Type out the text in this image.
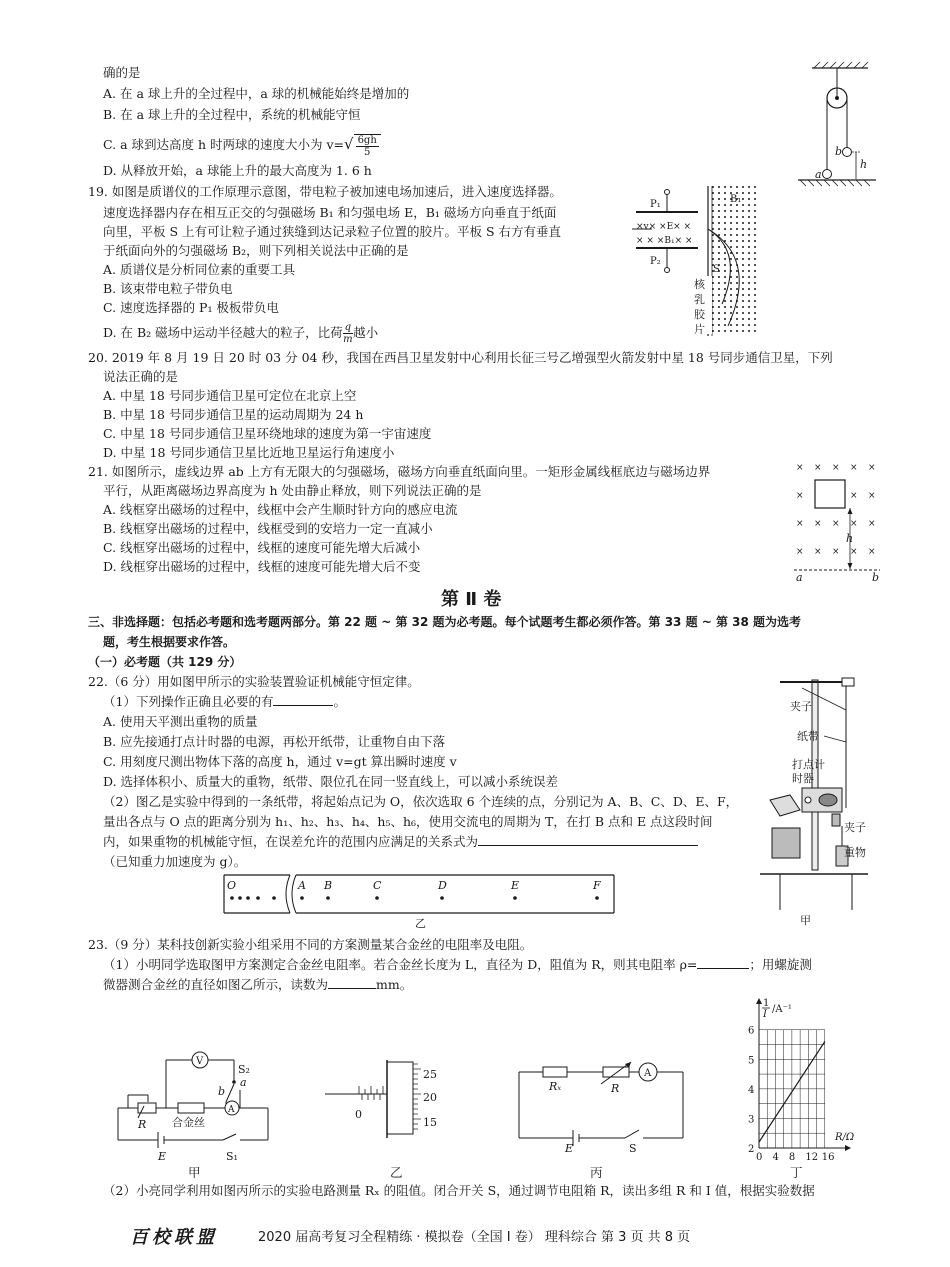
确的是
A. 在 a 球上升的全过程中，a 球的机械能始终是增加的
B. 在 a 球上升的全过程中，系统的机械能守恒
C. a 球到达高度 h 时两球的速度大小为 $v=√ \frac{6gh}{5}$
D. 从释放开始，a 球能上升的最大高度为 1. 6 h
b
a
h
19. 如图是质谱仪的工作原理示意图，带电粒子被加速电场加速后，进入速度选择器。
速度选择器内存在相互正交的匀强磁场 B₁ 和匀强电场 E，B₁ 磁场方向垂直于纸面
向里，平板 S 上有可让粒子通过狭缝到达记录粒子位置的胶片。平板 S 右方有垂直
于纸面向外的匀强磁场 B₂，则下列相关说法中正确的是
A. 质谱仪是分析同位素的重要工具
B. 该束带电粒子带负电
C. 速度选择器的 P₁ 极板带负电
D. 在 B₂ 磁场中运动半径越大的粒子，比荷 $\frac{q}{m}$ 越小
P₁
P₂
×v× ×E× ×
× × ×B₁× ×
B₁
S
核
乳
胶
片
20. 2019 年 8 月 19 日 20 时 03 分 04 秒，我国在西昌卫星发射中心利用长征三号乙增强型火箭发射中星 18 号同步通信卫星，下列
说法正确的是
A. 中星 18 号同步通信卫星可定位在北京上空
B. 中星 18 号同步通信卫星的运动周期为 24 h
C. 中星 18 号同步通信卫星环绕地球的速度为第一宇宙速度
D. 中星 18 号同步通信卫星比近地卫星运行角速度小
21. 如图所示，虚线边界 ab 上方有无限大的匀强磁场，磁场方向垂直纸面向里。一矩形金属线框底边与磁场边界
平行，从距离磁场边界高度为 h 处由静止释放，则下列说法正确的是
A. 线框穿出磁场的过程中，线框中会产生顺时针方向的感应电流
B. 线框穿出磁场的过程中，线框受到的安培力一定一直减小
C. 线框穿出磁场的过程中，线框的速度可能先增大后减小
D. 线框穿出磁场的过程中，线框的速度可能先增大后不变
× × × × ×
×	× ×
× × × × ×
× × × × ×
h
a	b
第 Ⅱ 卷
三、非选择题：包括必考题和选考题两部分。第 22 题 ~ 第 32 题为必考题。每个试题考生都必须作答。第 33 题 ~ 第 38 题为选考
题，考生根据要求作答。
（一）必考题（共 129 分）
22.（6 分）用如图甲所示的实验装置验证机械能守恒定律。
（1）下列操作正确且必要的有	。
A. 使用天平测出重物的质量
B. 应先接通打点计时器的电源，再松开纸带，让重物自由下落
C. 用刻度尺测出物体下落的高度 h，通过 v=gt 算出瞬时速度 v
D. 选择体积小、质量大的重物，纸带、限位孔在同一竖直线上，可以减小系统误差
（2）图乙是实验中得到的一条纸带，将起始点记为 O，依次选取 6 个连续的点，分别记为 A、B、C、D、E、F，
量出各点与 O 点的距离分别为 h₁、h₂、h₃、h₄、h₅、h₆，使用交流电的周期为 T，在打 B 点和 E 点这段时间
内，如果重物的机械能守恒，在误差允许的范围内应满足的关系式为
（已知重力加速度为 g）。
O	A B	C	D	E	F
乙
夹子
纸带
打点计
时器
夹子
重物
甲
23.（9 分）某科技创新实验小组采用不同的方案测量某合金丝的电阻率及电阻。
（1）小明同学选取图甲方案测定合金丝电阻率。若合金丝长度为 L，直径为 D，阻值为 R，则其电阻率 ρ=	；用螺旋测
微器测合金丝的直径如图乙所示，读数为	mm。
V
S₂
b
a
R 合金丝
A
E	S₁
甲
25
20
15
0
乙
A
Rₓ	R
E	S
丙
0 4 8 12 16
2
3
4
5
6
R/Ω
1
I /A⁻¹
丁
（2）小亮同学利用如图丙所示的实验电路测量 Rₓ 的阻值。闭合开关 S，通过调节电阻箱 R，读出多组 R 和 I 值，根据实验数据
百校联盟	2020 届高考复习全程精练 · 模拟卷（全国 Ⅰ 卷） 理科综合 第 3 页 共 8 页
